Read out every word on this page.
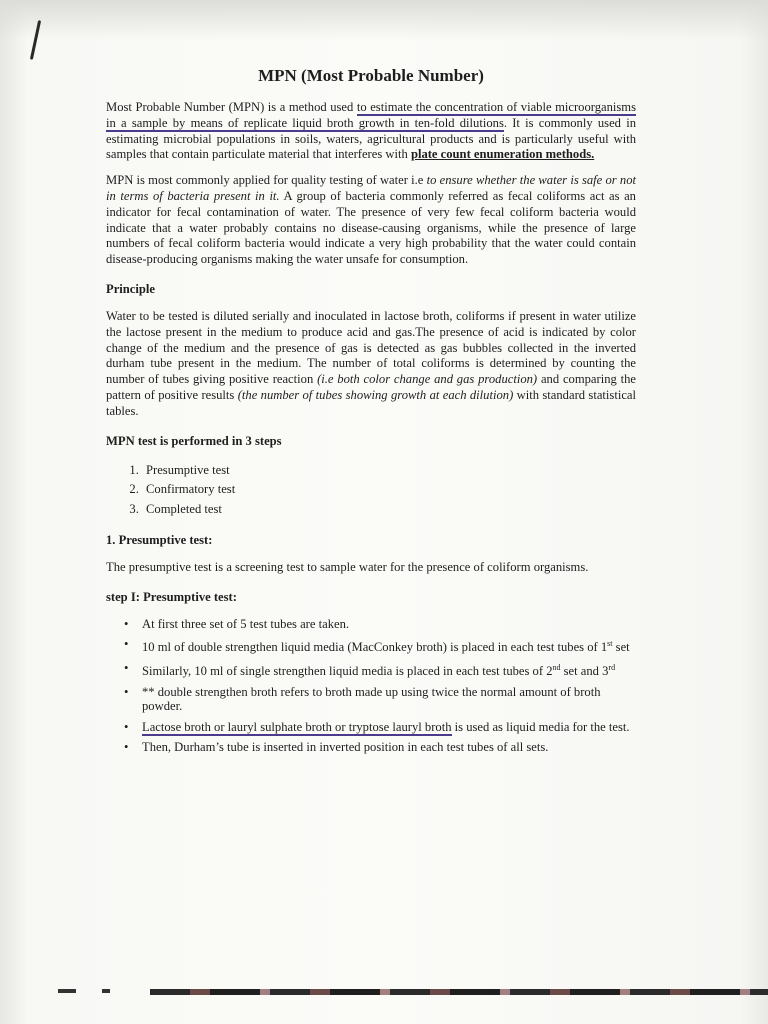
MPN (Most Probable Number)

Most Probable Number (MPN) is a method used to estimate the concentration of viable microorganisms in a sample by means of replicate liquid broth growth in ten-fold dilutions. It is commonly used in estimating microbial populations in soils, waters, agricultural products and is particularly useful with samples that contain particulate material that interferes with plate count enumeration methods.

MPN is most commonly applied for quality testing of water i.e to ensure whether the water is safe or not in terms of bacteria present in it. A group of bacteria commonly referred as fecal coliforms act as an indicator for fecal contamination of water. The presence of very few fecal coliform bacteria would indicate that a water probably contains no disease-causing organisms, while the presence of large numbers of fecal coliform bacteria would indicate a very high probability that the water could contain disease-producing organisms making the water unsafe for consumption.

Principle

Water to be tested is diluted serially and inoculated in lactose broth, coliforms if present in water utilize the lactose present in the medium to produce acid and gas.The presence of acid is indicated by color change of the medium and the presence of gas is detected as gas bubbles collected in the inverted durham tube present in the medium. The number of total coliforms is determined by counting the number of tubes giving positive reaction (i.e both color change and gas production) and comparing the pattern of positive results (the number of tubes showing growth at each dilution) with standard statistical tables.

MPN test is performed in 3 steps
1. Presumptive test
2. Confirmatory test
3. Completed test
1. Presumptive test:

The presumptive test is a screening test to sample water for the presence of coliform organisms.

step I: Presumptive test:
• At first three set of 5 test tubes are taken.
• 10 ml of double strengthen liquid media (MacConkey broth) is placed in each test tubes of 1st set
• Similarly, 10 ml of single strengthen liquid media is placed in each test tubes of 2nd set and 3rd
• ** double strengthen broth refers to broth made up using twice the normal amount of broth powder.
• Lactose broth or lauryl sulphate broth or tryptose lauryl broth is used as liquid media for the test.
• Then, Durham’s tube is inserted in inverted position in each test tubes of all sets.
